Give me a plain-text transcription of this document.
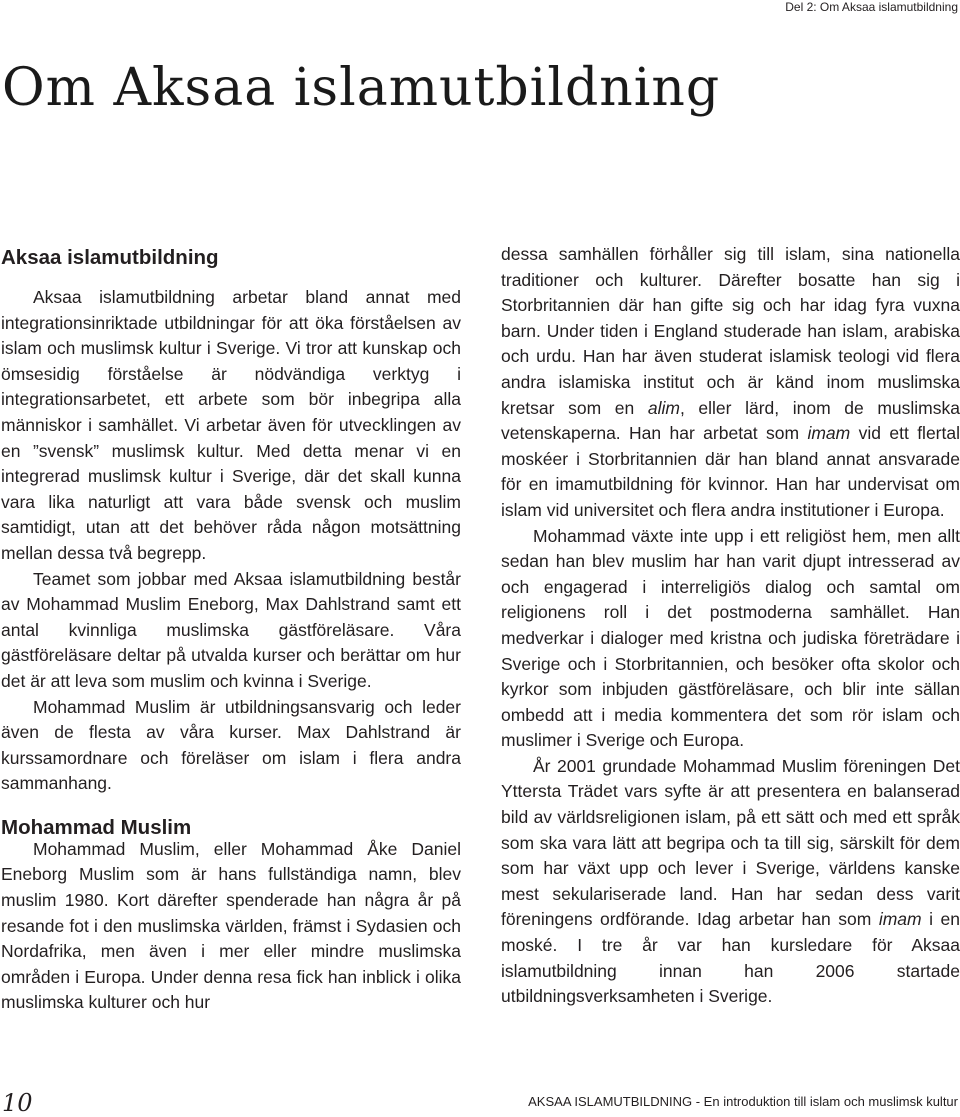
Del 2: Om Aksaa islamutbildning
Om Aksaa islamutbildning
Aksaa islamutbildning

Aksaa islamutbildning arbetar bland annat med integrationsinriktade utbildningar för att öka förståelsen av islam och muslimsk kultur i Sverige. Vi tror att kunskap och ömsesidig förståelse är nödvändiga verktyg i integrationsarbetet, ett arbete som bör inbegripa alla människor i samhället. Vi arbetar även för utvecklingen av en ”svensk” muslimsk kultur. Med detta menar vi en integrerad muslimsk kultur i Sverige, där det skall kunna vara lika naturligt att vara både svensk och muslim samtidigt, utan att det behöver råda någon motsättning mellan dessa två begrepp.

Teamet som jobbar med Aksaa islamutbildning består av Mohammad Muslim Eneborg, Max Dahlstrand samt ett antal kvinnliga muslimska gästföreläsare. Våra gästföreläsare deltar på utvalda kurser och berättar om hur det är att leva som muslim och kvinna i Sverige.

Mohammad Muslim är utbildningsansvarig och leder även de flesta av våra kurser. Max Dahlstrand är kurssamordnare och föreläser om islam i flera andra sammanhang.

Mohammad Muslim

Mohammad Muslim, eller Mohammad Åke Daniel Eneborg Muslim som är hans fullständiga namn, blev muslim 1980. Kort därefter spenderade han några år på resande fot i den muslimska världen, främst i Sydasien och Nordafrika, men även i mer eller mindre muslimska områden i Europa. Under denna resa fick han inblick i olika muslimska kulturer och hur

dessa samhällen förhåller sig till islam, sina nationella traditioner och kulturer. Därefter bosatte han sig i Storbritannien där han gifte sig och har idag fyra vuxna barn. Under tiden i England studerade han islam, arabiska och urdu. Han har även studerat islamisk teologi vid flera andra islamiska institut och är känd inom muslimska kretsar som en alim, eller lärd, inom de muslimska vetenskaperna. Han har arbetat som imam vid ett flertal moskéer i Storbritannien där han bland annat ansvarade för en imamutbildning för kvinnor. Han har undervisat om islam vid universitet och flera andra institutioner i Europa.

Mohammad växte inte upp i ett religiöst hem, men allt sedan han blev muslim har han varit djupt intresserad av och engagerad i interreligiös dialog och samtal om religionens roll i det postmoderna samhället. Han medverkar i dialoger med kristna och judiska företrädare i Sverige och i Storbritannien, och besöker ofta skolor och kyrkor som inbjuden gästföreläsare, och blir inte sällan ombedd att i media kommentera det som rör islam och muslimer i Sverige och Europa.

År 2001 grundade Mohammad Muslim föreningen Det Yttersta Trädet vars syfte är att presentera en balanserad bild av världsreligionen islam, på ett sätt och med ett språk som ska vara lätt att begripa och ta till sig, särskilt för dem som har växt upp och lever i Sverige, världens kanske mest sekulariserade land. Han har sedan dess varit föreningens ordförande. Idag arbetar han som imam i en moské. I tre år var han kursledare för Aksaa islamutbildning innan han 2006 startade utbildningsverksamheten i Sverige.

10	AKSAA ISLAMUTBILDNING - En introduktion till islam och muslimsk kultur
